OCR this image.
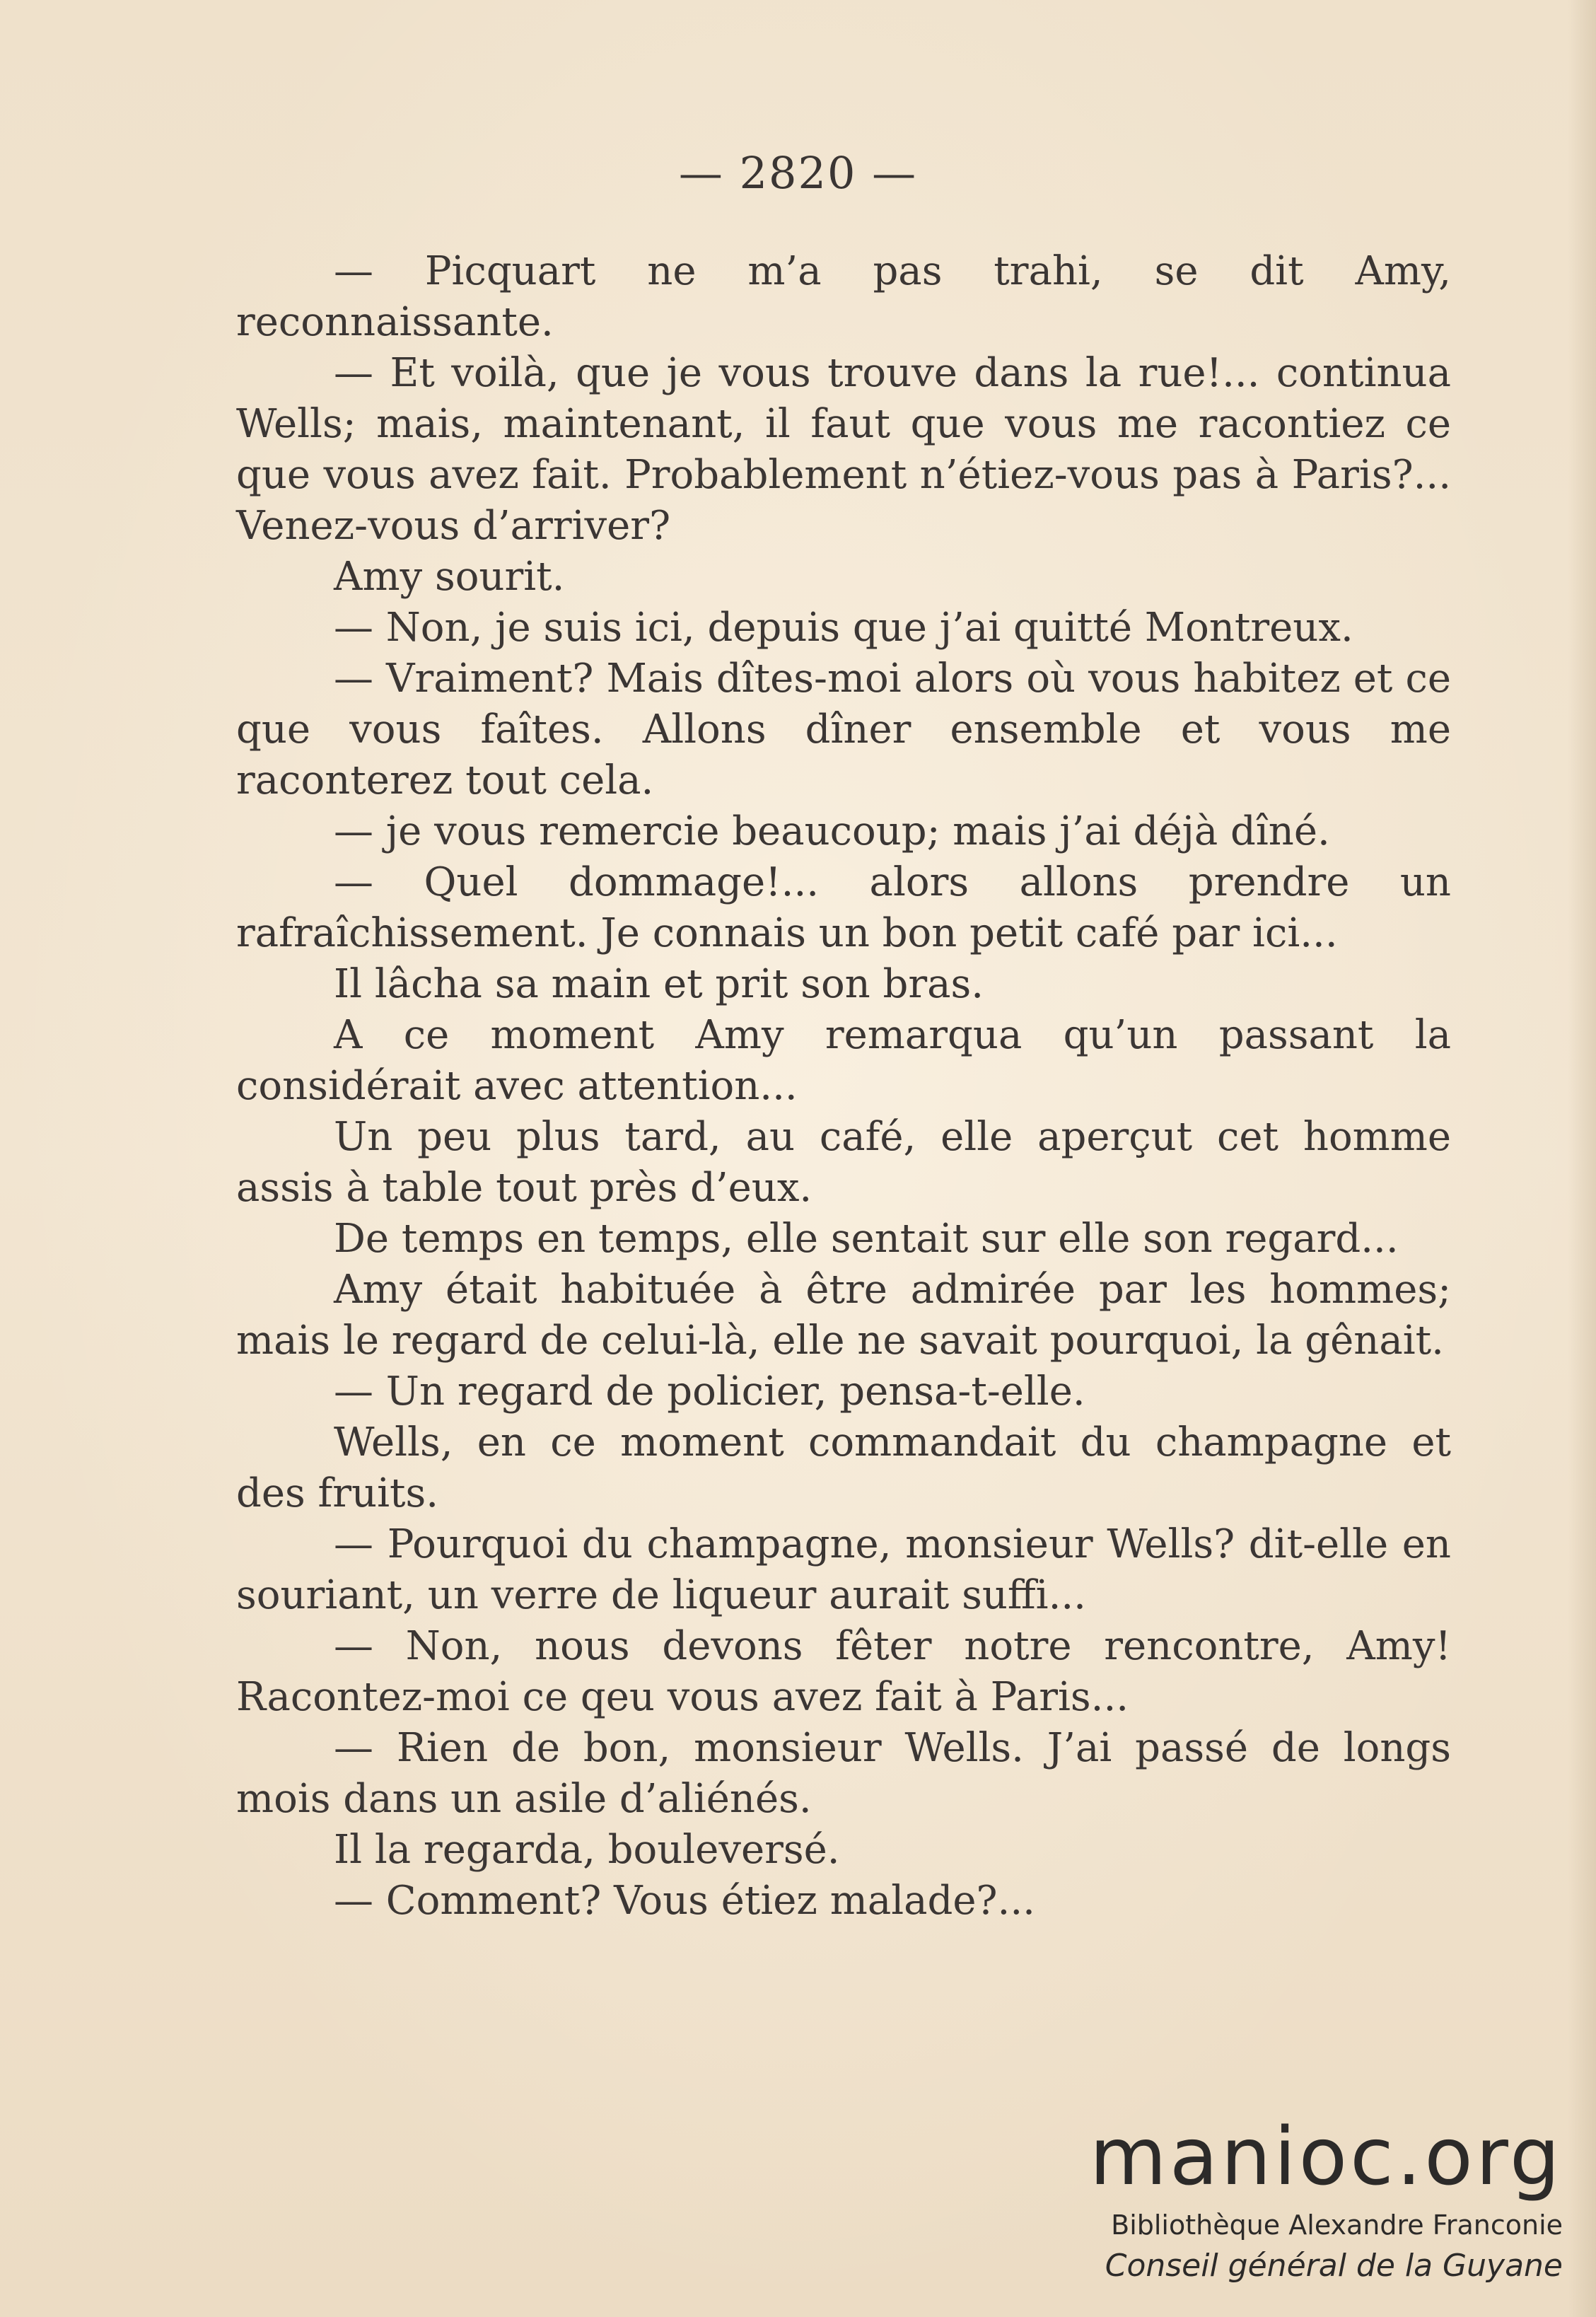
— 2820 —

— Picquart ne m’a pas trahi, se dit Amy, reconnaissante.

— Et voilà, que je vous trouve dans la rue!... continua Wells; mais, maintenant, il faut que vous me racontiez ce que vous avez fait. Probablement n’étiez-vous pas à Paris?... Venez-vous d’arriver?

Amy sourit.

— Non, je suis ici, depuis que j’ai quitté Montreux.

— Vraiment? Mais dîtes-moi alors où vous habitez et ce que vous faîtes. Allons dîner ensemble et vous me raconterez tout cela.

— je vous remercie beaucoup; mais j’ai déjà dîné.

— Quel dommage!... alors allons prendre un rafraîchissement. Je connais un bon petit café par ici...

Il lâcha sa main et prit son bras.

A ce moment Amy remarqua qu’un passant la considérait avec attention...

Un peu plus tard, au café, elle aperçut cet homme assis à table tout près d’eux.

De temps en temps, elle sentait sur elle son regard...

Amy était habituée à être admirée par les hommes; mais le regard de celui-là, elle ne savait pourquoi, la gênait.

— Un regard de policier, pensa-t-elle.

Wells, en ce moment commandait du champagne et des fruits.

— Pourquoi du champagne, monsieur Wells? dit-elle en souriant, un verre de liqueur aurait suffi...

— Non, nous devons fêter notre rencontre, Amy! Racontez-moi ce qeu vous avez fait à Paris...

— Rien de bon, monsieur Wells. J’ai passé de longs mois dans un asile d’aliénés.

Il la regarda, bouleversé.

— Comment? Vous étiez malade?...

manioc.org
Bibliothèque Alexandre Franconie
Conseil général de la Guyane
